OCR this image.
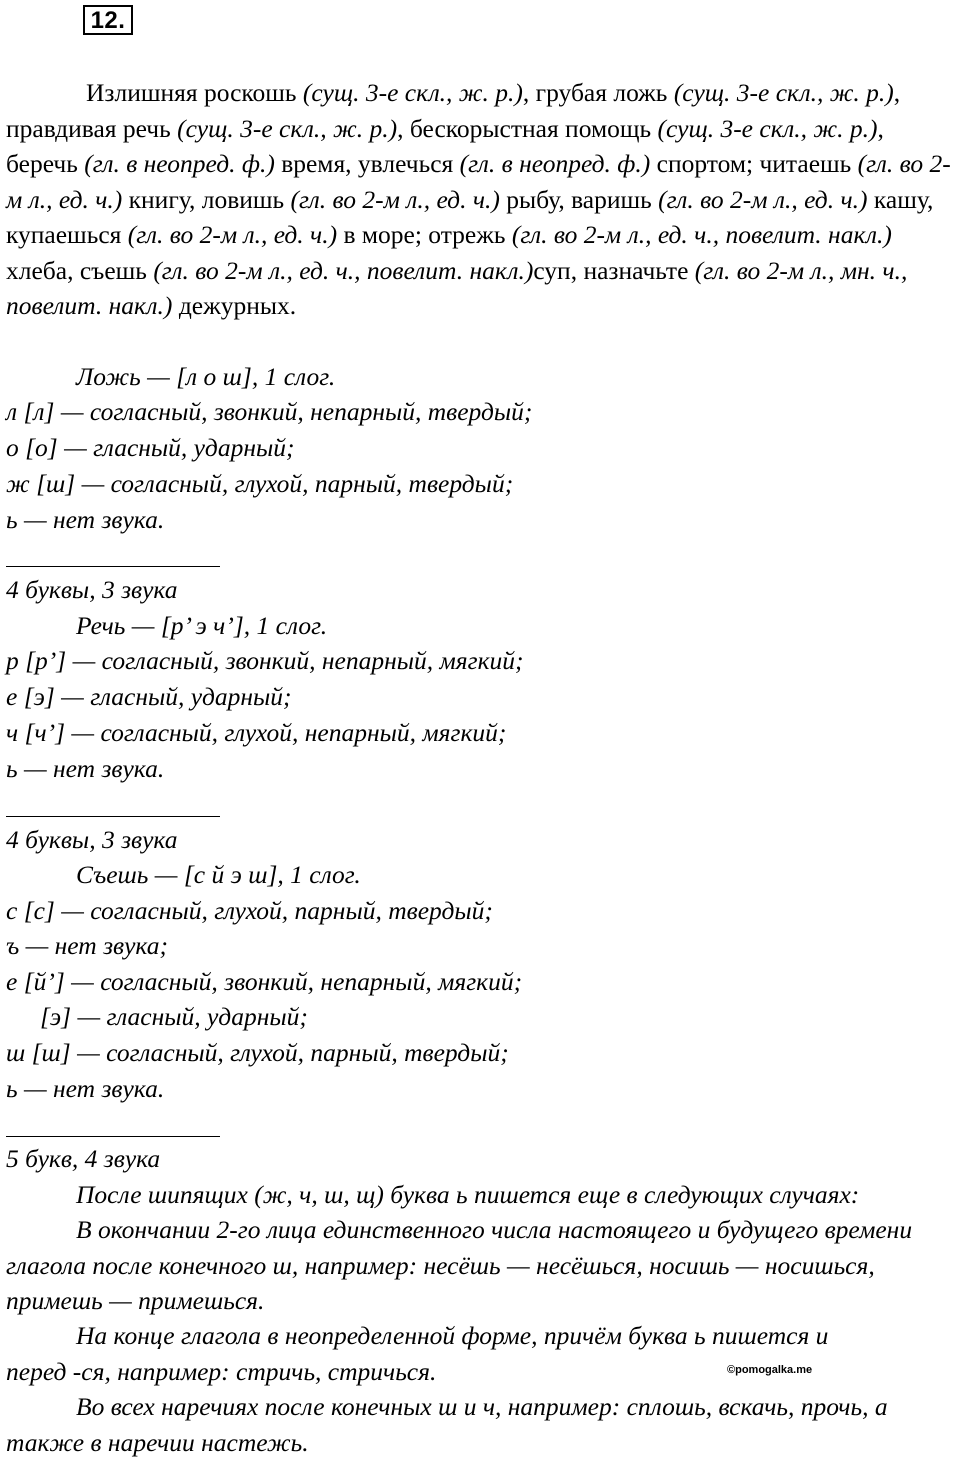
12.

Излишняя роскошь (сущ. 3-е скл., ж. р.), грубая ложь (сущ. 3-е скл., ж. р.), правдивая речь (сущ. 3-е скл., ж. р.), бескорыстная помощь (сущ. 3-е скл., ж. р.), беречь (гл. в неопред. ф.) время, увлечься (гл. в неопред. ф.) спортом; читаешь (гл. во 2-м л., ед. ч.) книгу, ловишь (гл. во 2-м л., ед. ч.) рыбу, варишь (гл. во 2-м л., ед. ч.) кашу, купаешься (гл. во 2-м л., ед. ч.) в море; отрежь (гл. во 2-м л., ед. ч., повелит. накл.) хлеба, съешь (гл. во 2-м л., ед. ч., повелит. накл.)суп, назначьте (гл. во 2-м л., мн. ч., повелит. накл.) дежурных.

Ложь — [л о ш], 1 слог.
л [л] — согласный, звонкий, непарный, твердый;
о [о] — гласный, ударный;
ж [ш] — согласный, глухой, парный, твердый;
ь — нет звука.
4 буквы, 3 звука
Речь — [р’ э ч’], 1 слог.
р [р’] — согласный, звонкий, непарный, мягкий;
е [э] — гласный, ударный;
ч [ч’] — согласный, глухой, непарный, мягкий;
ь — нет звука.
4 буквы, 3 звука
Съешь — [с й э ш], 1 слог.
с [с] — согласный, глухой, парный, твердый;
ъ — нет звука;
е [й’] — согласный, звонкий, непарный, мягкий;
[э] — гласный, ударный;
ш [ш] — согласный, глухой, парный, твердый;
ь — нет звука.
5 букв, 4 звука
После шипящих (ж, ч, ш, щ) буква ь пишется еще в следующих случаях:

В окончании 2-го лица единственного числа настоящего и будущего времени глагола после конечного ш, например: несёшь — несёшься, носишь — носишься, примешь — примешься.

На конце глагола в неопределенной форме, причём буква ь пишется и перед -ся, например: стричь, стричься.

Во всех наречиях после конечных ш и ч, например: сплошь, вскачь, прочь, а также в наречии настежь.

©pomogalka.me
